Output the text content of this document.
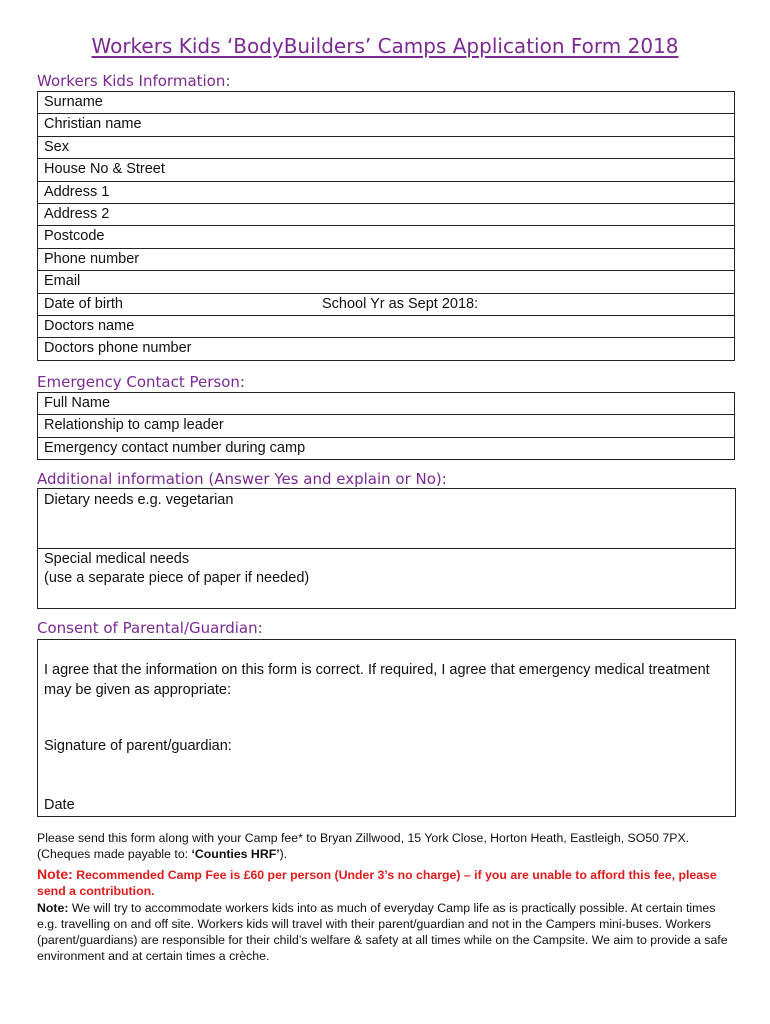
Workers Kids ‘BodyBuilders’ Camps Application Form 2018
Workers Kids Information:
Surname
Christian name
Sex
House No & Street
Address 1
Address 2
Postcode
Phone number
Email
Date of birth	School Yr as Sept 2018:
Doctors name
Doctors phone number
Emergency Contact Person:
Full Name
Relationship to camp leader
Emergency contact number during camp
Additional information (Answer Yes and explain or No):
Dietary needs e.g. vegetarian
Special medical needs
(use a separate piece of paper if needed)
Consent of Parental/Guardian:
I agree that the information on this form is correct. If required, I agree that emergency medical treatment may be given as appropriate:
Signature of parent/guardian:
Date
Please send this form along with your Camp fee* to Bryan Zillwood, 15 York Close, Horton Heath, Eastleigh, SO50 7PX.
(Cheques made payable to: ‘Counties HRF’).
Note: Recommended Camp Fee is £60 per person (Under 3’s no charge) – if you are unable to afford this fee, please send a contribution.
Note: We will try to accommodate workers kids into as much of everyday Camp life as is practically possible. At certain times e.g. travelling on and off site. Workers kids will travel with their parent/guardian and not in the Campers mini-buses. Workers (parent/guardians) are responsible for their child’s welfare & safety at all times while on the Campsite. We aim to provide a safe environment and at certain times a crèche.
